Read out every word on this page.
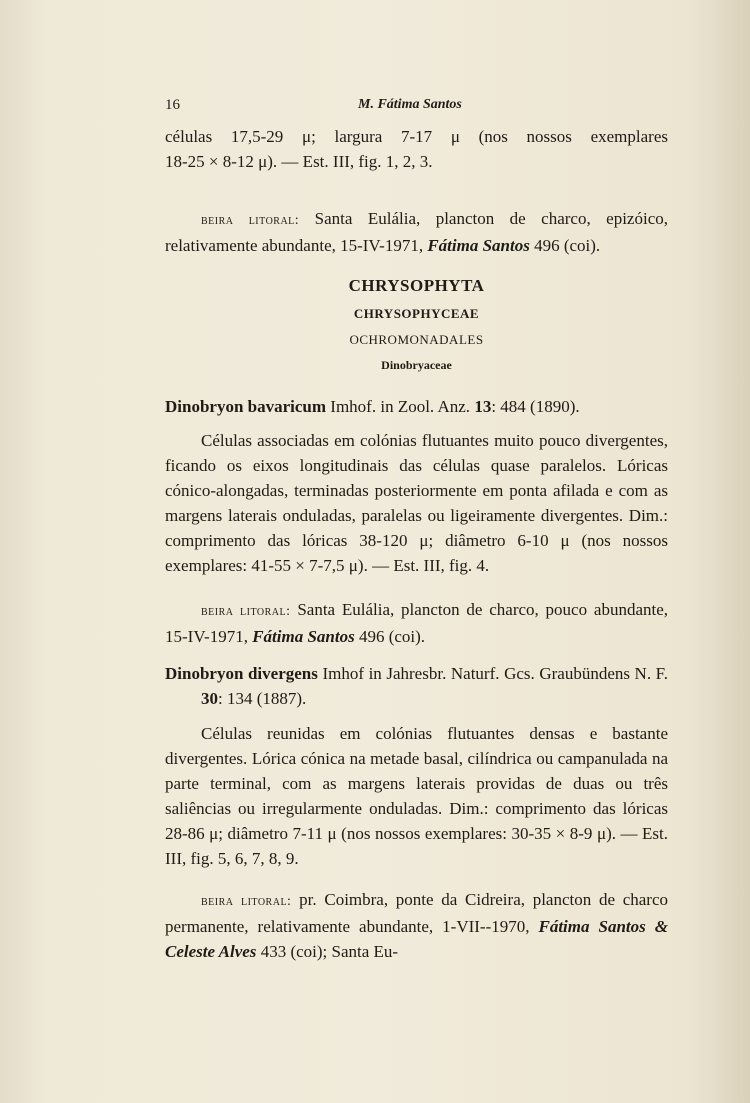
16	M. Fátima Santos

células 17,5-29 μ; largura 7-17 μ (nos nossos exemplares

18-25 × 8-12 μ). — Est. III, fig. 1, 2, 3.

beira litoral: Santa Eulália, plancton de charco, epizóico, relativamente abundante, 15-IV-1971, Fátima Santos 496 (coi).

CHRYSOPHYTA
CHRYSOPHYCEAE
OCHROMONADALES
Dinobryaceae

Dinobryon bavaricum Imhof. in Zool. Anz. 13: 484 (1890).

Células associadas em colónias flutuantes muito pouco divergentes, ficando os eixos longitudinais das células quase paralelos. Lóricas cónico-alongadas, terminadas posteriormente em ponta afilada e com as margens laterais onduladas, paralelas ou ligeiramente divergentes. Dim.: comprimento das lóricas 38-120 μ; diâmetro 6-10 μ (nos nossos exemplares: 41-55 × 7-7,5 μ). — Est. III, fig. 4.

beira litoral: Santa Eulália, plancton de charco, pouco abundante, 15-IV-1971, Fátima Santos 496 (coi).

Dinobryon divergens Imhof in Jahresbr. Naturf. Gcs. Graubündens N. F. 30: 134 (1887).

Células reunidas em colónias flutuantes densas e bastante divergentes. Lórica cónica na metade basal, cilíndrica ou campanulada na parte terminal, com as margens laterais providas de duas ou três saliências ou irregularmente onduladas. Dim.: comprimento das lóricas 28-86 μ; diâmetro 7-11 μ (nos nossos exemplares: 30-35 × 8-9 μ). — Est. III, fig. 5, 6, 7, 8, 9.

beira litoral: pr. Coimbra, ponte da Cidreira, plancton de charco permanente, relativamente abundante, 1-VII--1970, Fátima Santos & Celeste Alves 433 (coi); Santa Eu-
